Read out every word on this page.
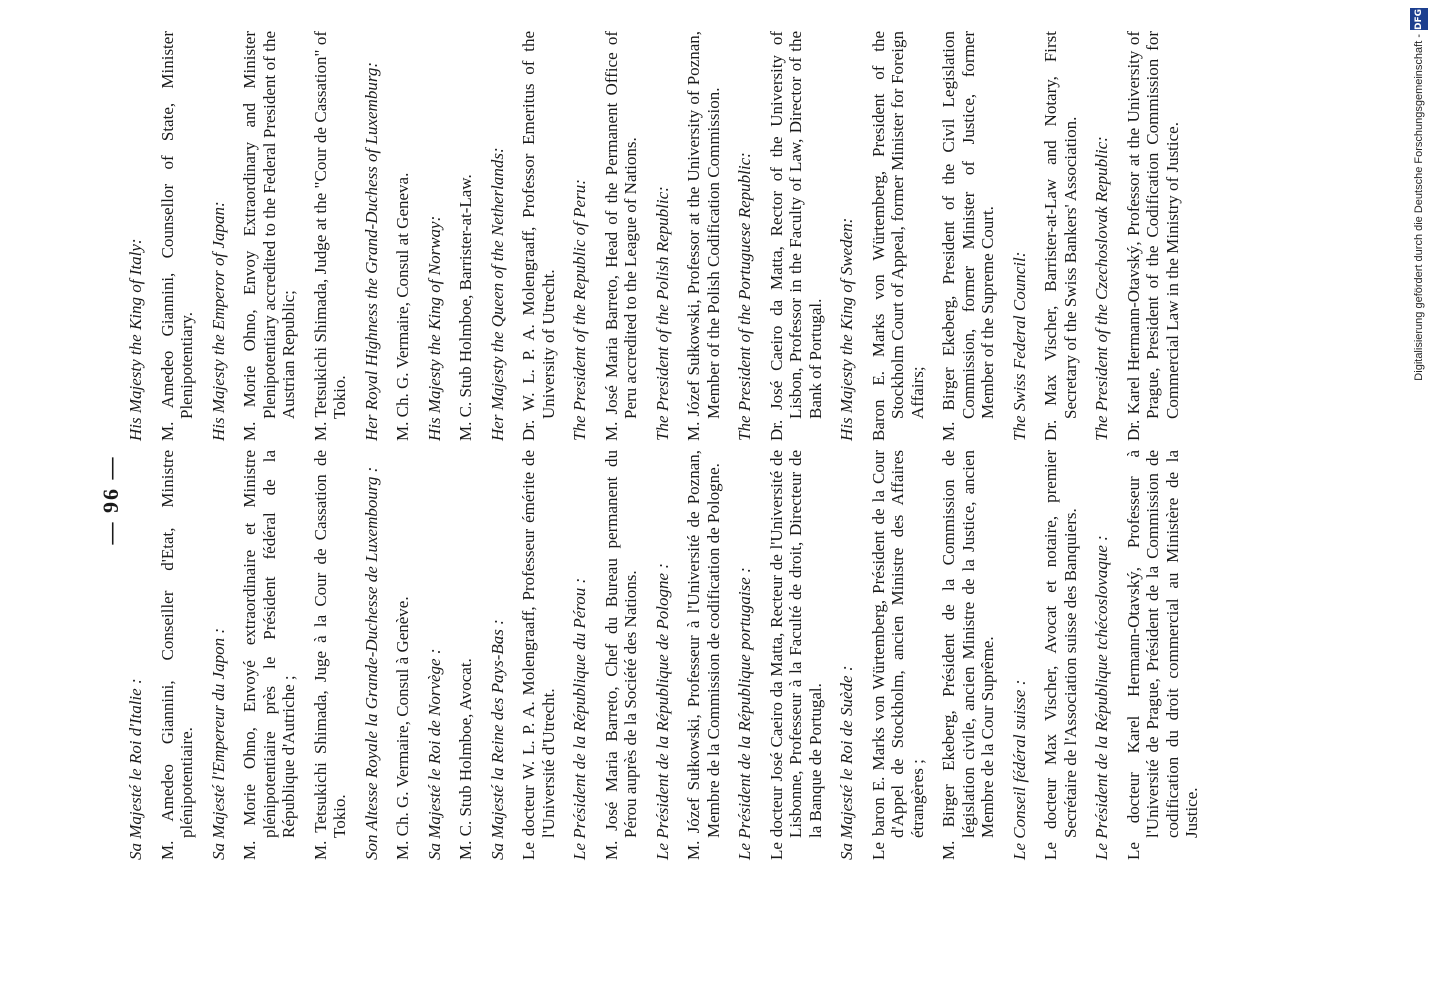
— 96 —

Sa Majesté le Roi d'Italie : M. Amedeo Giannini, Conseiller d'Etat, Ministre plénipotentiaire. Sa Majesté l'Empereur du Japon : M. Morie Ohno, Envoyé extraordinaire et Ministre plénipotentiaire près le Président fédéral de la République d'Autriche ; M. Tetsukichi Shimada, Juge à la Cour de Cassation de Tokio. Son Altesse Royale la Grande-Duchesse de Luxembourg : M. Ch. G. Vermaire, Consul à Genève. Sa Majesté le Roi de Norvège : M. C. Stub Holmboe, Avocat. Sa Majesté la Reine des Pays-Bas : Le docteur W. L. P. A. Molengraaff, Professeur émérite de l'Université d'Utrecht. Le Président de la République du Pérou : M. José Maria Barreto, Chef du Bureau permanent du Pérou auprès de la Société des Nations. Le Président de la République de Pologne : M. Józef Sułkowski, Professeur à l'Université de Poznan, Membre de la Commission de codification de Pologne. Le Président de la République portugaise : Le docteur José Caeiro da Matta, Recteur de l'Université de Lisbonne, Professeur à la Faculté de droit, Directeur de la Banque de Portugal. Sa Majesté le Roi de Suède : Le baron E. Marks von Würtemberg, Président de la Cour d'Appel de Stockholm, ancien Ministre des Affaires étrangères ; M. Birger Ekeberg, Président de la Commission de législation civile, ancien Ministre de la Justice, ancien Membre de la Cour Suprême. Le Conseil fédéral suisse : Le docteur Max Vischer, Avocat et notaire, premier Secrétaire de l'Association suisse des Banquiers. Le Président de la République tchécoslovaque : Le docteur Karel Hermann-Otavský, Professeur à l'Université de Prague, Président de la Commission de codification du droit commercial au Ministère de la Justice.

His Majesty the King of Italy: M. Amedeo Giannini, Counsellor of State, Minister Plenipotentiary. His Majesty the Emperor of Japan: M. Morie Ohno, Envoy Extraordinary and Minister Plenipotentiary accredited to the Federal President of the Austrian Republic; M. Tetsukichi Shimada, Judge at the "Cour de Cassation" of Tokio. Her Royal Highness the Grand-Duchess of Luxemburg: M. Ch. G. Vermaire, Consul at Geneva. His Majesty the King of Norway: M. C. Stub Holmboe, Barrister-at-Law. Her Majesty the Queen of the Netherlands: Dr. W. L. P. A. Molengraaff, Professor Emeritus of the University of Utrecht. The President of the Republic of Peru: M. José Maria Barreto, Head of the Permanent Office of Peru accredited to the League of Nations. The President of the Polish Republic: M. Józef Sułkowski, Professor at the University of Poznan, Member of the Polish Codification Commission. The President of the Portuguese Republic: Dr. José Caeiro da Matta, Rector of the University of Lisbon, Professor in the Faculty of Law, Director of the Bank of Portugal. His Majesty the King of Sweden: Baron E. Marks von Würtemberg, President of the Stockholm Court of Appeal, former Minister for Foreign Affairs; M. Birger Ekeberg, President of the Civil Legislation Commission, former Minister of Justice, former Member of the Supreme Court. The Swiss Federal Council: Dr. Max Vischer, Barrister-at-Law and Notary, First Secretary of the Swiss Bankers' Association. The President of the Czechoslovak Republic: Dr. Karel Hermann-Otavský, Professor at the University of Prague, President of the Codification Commission for Commercial Law in the Ministry of Justice.

DFG
Digitalisierung gefördert durch die Deutsche Forschungsgemeinschaft -
